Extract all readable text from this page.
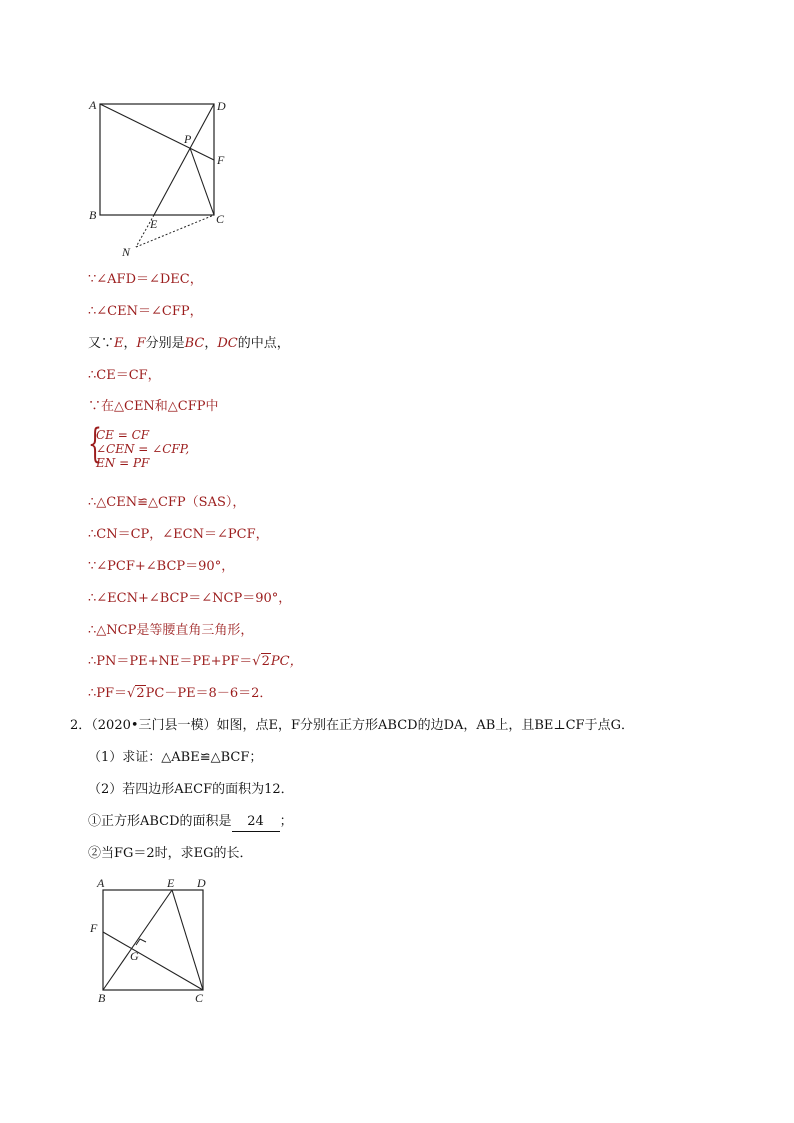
A	D
P
F
B
E	C
N
∵∠AFD＝∠DEC，
∴∠CEN＝∠CFP，
又∵E，F分别是BC，DC的中点，
∴CE＝CF，
∵在△CEN和△CFP中
{
CE = CF
∠CEN = ∠CFP,
EN = PF
∴△CEN≌△CFP（SAS），
∴CN＝CP，∠ECN＝∠PCF，
∵∠PCF+∠BCP＝90°，
∴∠ECN+∠BCP＝∠NCP＝90°，
∴△NCP是等腰直角三角形，
∴PN＝PE+NE＝PE+PF＝√2PC，
∴PF＝√2PC－PE＝8－6＝2．
2．（2020•三门县一模）如图，点E，F分别在正方形ABCD的边DA，AB上，且BE⊥CF于点G．
（1）求证：△ABE≌△BCF；
（2）若四边形AECF的面积为12．
①正方形ABCD的面积是 24 ；
②当FG＝2时，求EG的长．
A	E D
F
G
B	C
